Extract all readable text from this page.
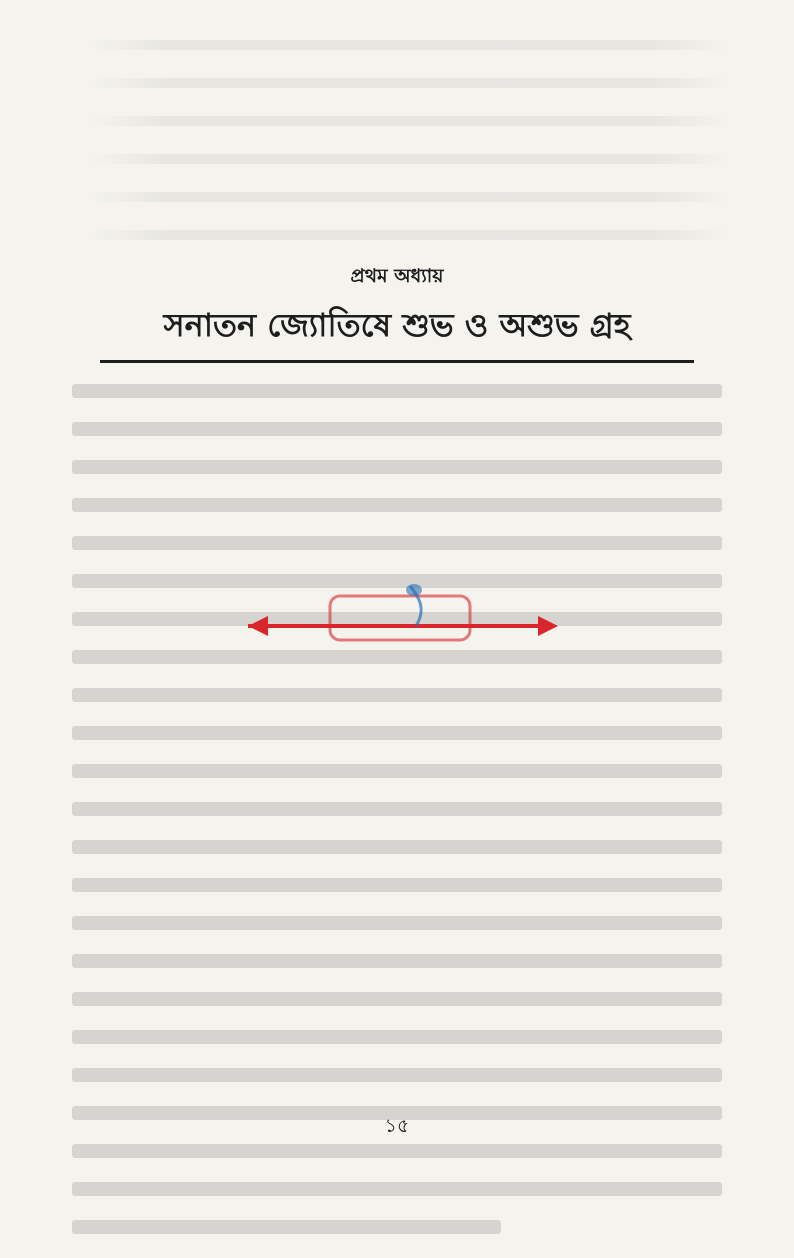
প্রথম অধ্যায়
সনাতন জ্যোতিষে শুভ ও অশুভ গ্রহ
১৫
